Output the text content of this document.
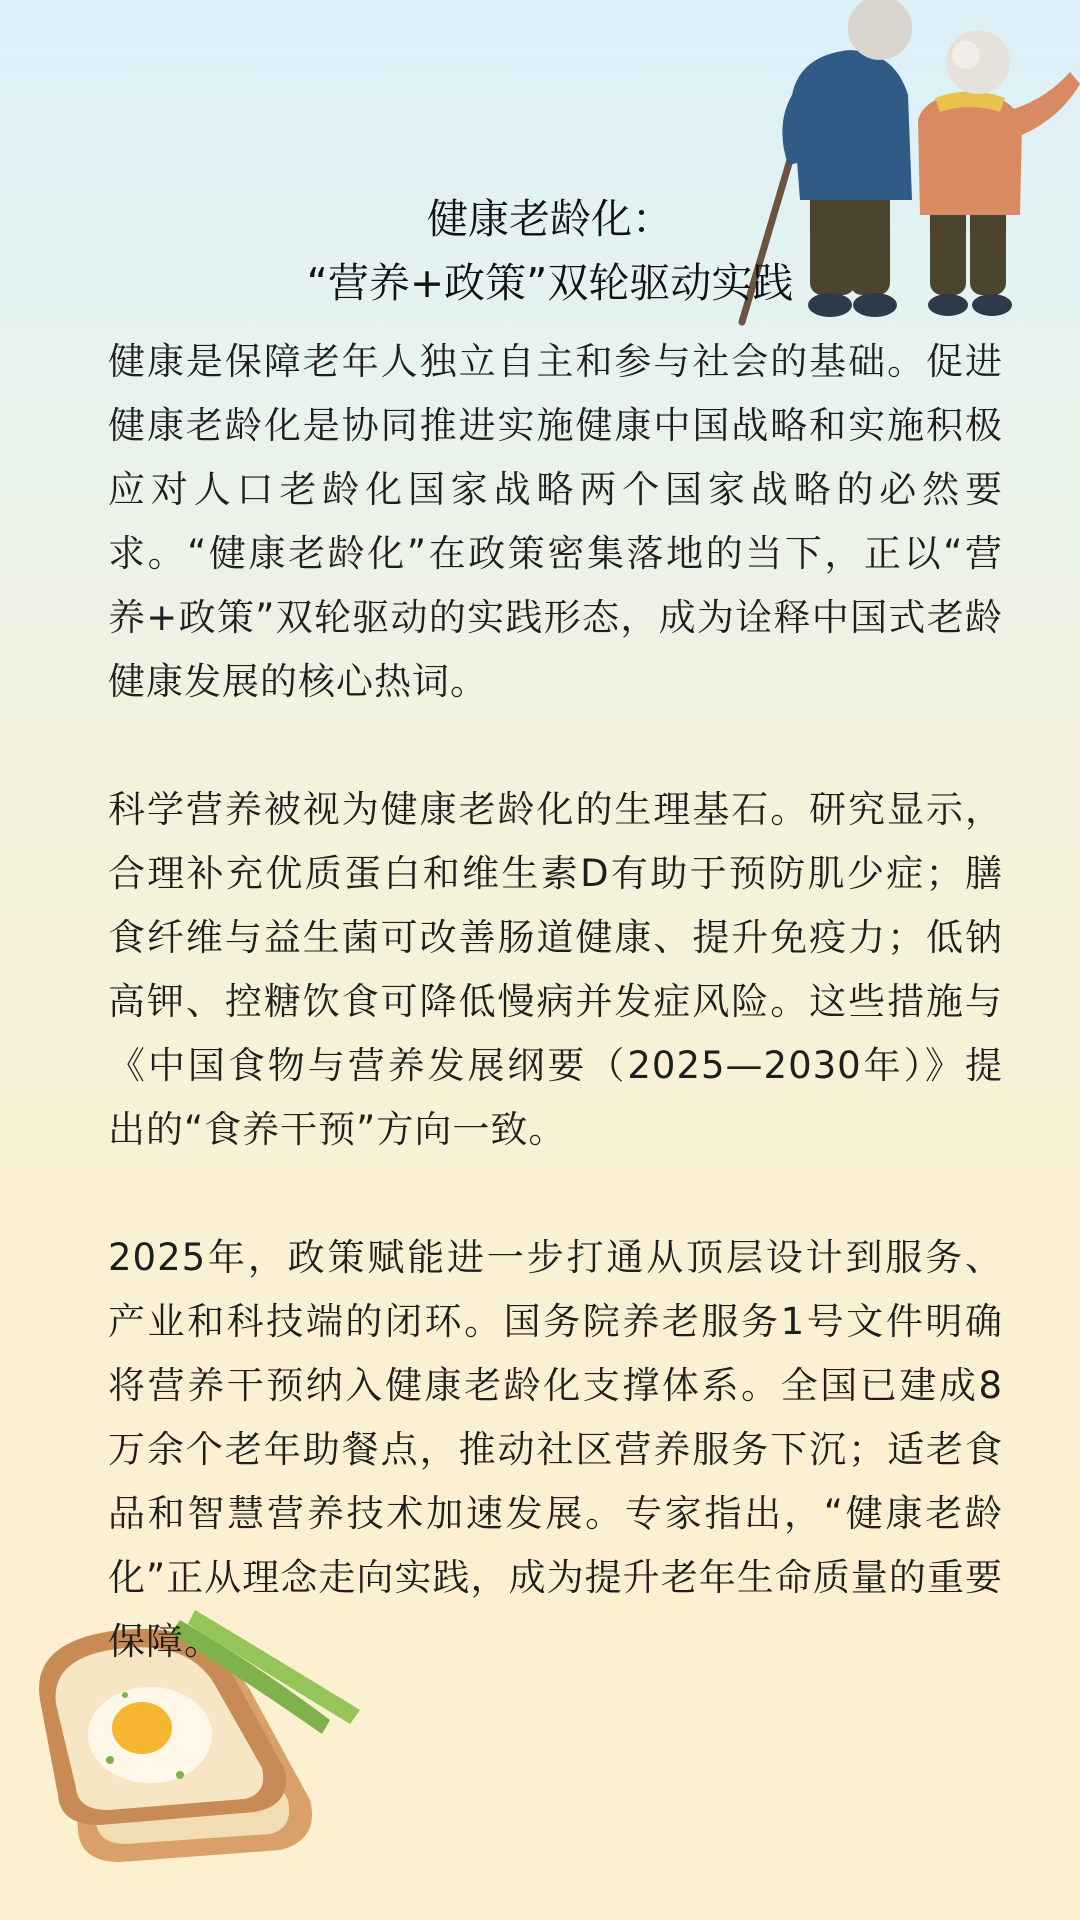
健康老龄化：
“营养+政策”双轮驱动实践

健康是保障老年人独立自主和参与社会的基础。促进健康老龄化是协同推进实施健康中国战略和实施积极应对人口老龄化国家战略两个国家战略的必然要求。“健康老龄化”在政策密集落地的当下，正以“营养+政策”双轮驱动的实践形态，成为诠释中国式老龄健康发展的核心热词。

科学营养被视为健康老龄化的生理基石。研究显示，合理补充优质蛋白和维生素D有助于预防肌少症；膳食纤维与益生菌可改善肠道健康、提升免疫力；低钠高钾、控糖饮食可降低慢病并发症风险。这些措施与《中国食物与营养发展纲要（2025—2030年）》提出的“食养干预”方向一致。

2025年，政策赋能进一步打通从顶层设计到服务、产业和科技端的闭环。国务院养老服务1号文件明确将营养干预纳入健康老龄化支撑体系。全国已建成8万余个老年助餐点，推动社区营养服务下沉；适老食品和智慧营养技术加速发展。专家指出，“健康老龄化”正从理念走向实践，成为提升老年生命质量的重要保障。
